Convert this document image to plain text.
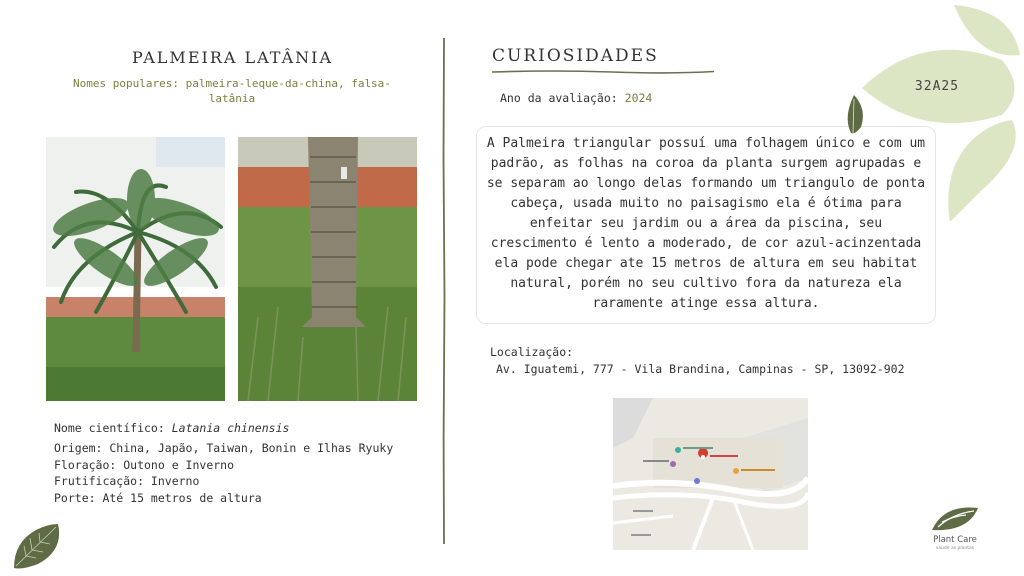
PALMEIRA LATÂNIA
Nomes populares: palmeira-leque-da-china, falsa-latânia
Nome científico: Latania chinensis
Origem: China, Japão, Taiwan, Bonin e Ilhas Ryuky
Floração: Outono e Inverno
Frutificação: Inverno
Porte: Até 15 metros de altura
CURIOSIDADES
Ano da avaliação: 2024
A Palmeira triangular possuí uma folhagem único e com um padrão, as folhas na coroa da planta surgem agrupadas e se separam ao longo delas formando um triangulo de ponta cabeça, usada muito no paisagismo ela é ótima para enfeitar seu jardim ou a área da piscina, seu crescimento é lento a moderado, de cor azul-acinzentada ela pode chegar ate 15 metros de altura em seu habitat natural, porém no seu cultivo fora da natureza ela raramente atinge essa altura.
Localização:
Av. Iguatemi, 777 - Vila Brandina, Campinas - SP, 13092-902
32A25
Plant Care
saúde as plantas
